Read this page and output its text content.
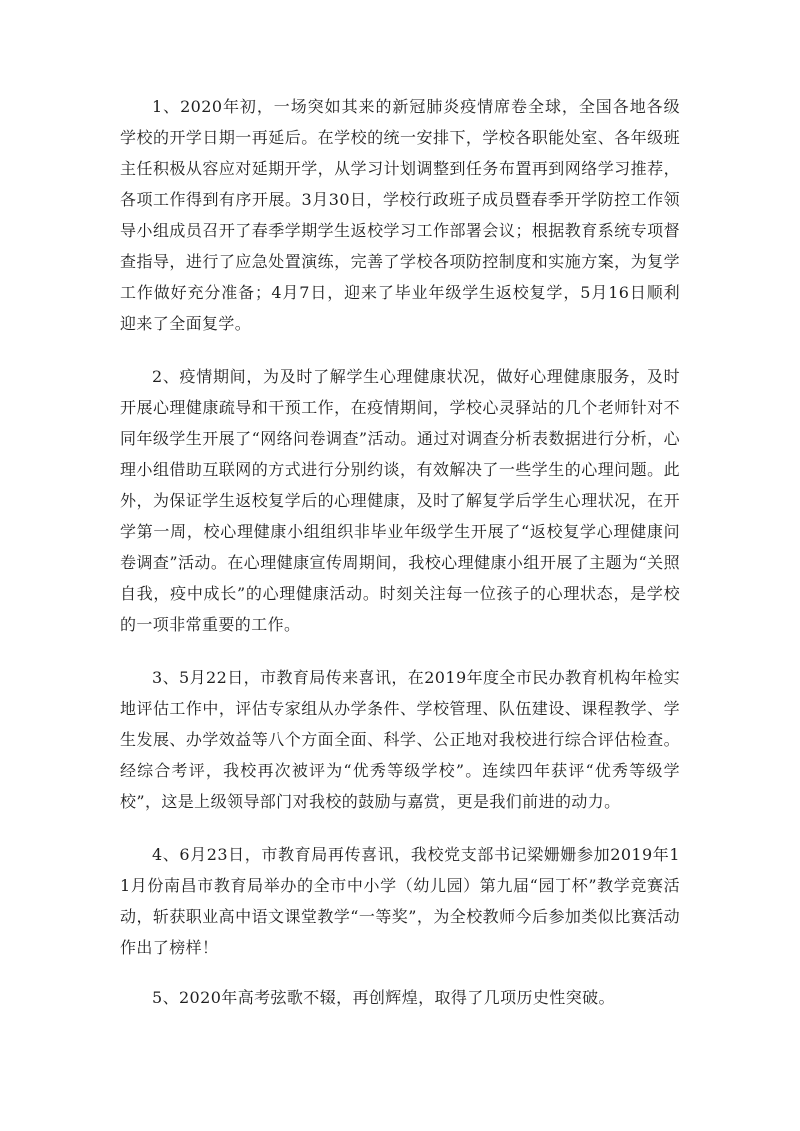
1、2020年初，一场突如其来的新冠肺炎疫情席卷全球，全国各地各级学校的开学日期一再延后。在学校的统一安排下，学校各职能处室、各年级班主任积极从容应对延期开学，从学习计划调整到任务布置再到网络学习推荐，各项工作得到有序开展。3月30日，学校行政班子成员暨春季开学防控工作领导小组成员召开了春季学期学生返校学习工作部署会议；根据教育系统专项督查指导，进行了应急处置演练，完善了学校各项防控制度和实施方案，为复学工作做好充分准备；4月7日，迎来了毕业年级学生返校复学，5月16日顺利迎来了全面复学。

2、疫情期间，为及时了解学生心理健康状况，做好心理健康服务，及时开展心理健康疏导和干预工作，在疫情期间，学校心灵驿站的几个老师针对不同年级学生开展了“网络问卷调查”活动。通过对调查分析表数据进行分析，心理小组借助互联网的方式进行分别约谈，有效解决了一些学生的心理问题。此外，为保证学生返校复学后的心理健康，及时了解复学后学生心理状况，在开学第一周，校心理健康小组组织非毕业年级学生开展了“返校复学心理健康问卷调查”活动。在心理健康宣传周期间，我校心理健康小组开展了主题为“关照自我，疫中成长”的心理健康活动。时刻关注每一位孩子的心理状态，是学校的一项非常重要的工作。

3、5月22日，市教育局传来喜讯，在2019年度全市民办教育机构年检实地评估工作中，评估专家组从办学条件、学校管理、队伍建设、课程教学、学生发展、办学效益等八个方面全面、科学、公正地对我校进行综合评估检查。经综合考评，我校再次被评为“优秀等级学校”。连续四年获评“优秀等级学校”，这是上级领导部门对我校的鼓励与嘉赏，更是我们前进的动力。

4、6月23日，市教育局再传喜讯，我校党支部书记梁姗姗参加2019年11月份南昌市教育局举办的全市中小学（幼儿园）第九届“园丁杯”教学竞赛活动，斩获职业高中语文课堂教学“一等奖”，为全校教师今后参加类似比赛活动作出了榜样！

5、2020年高考弦歌不辍，再创辉煌，取得了几项历史性突破。
